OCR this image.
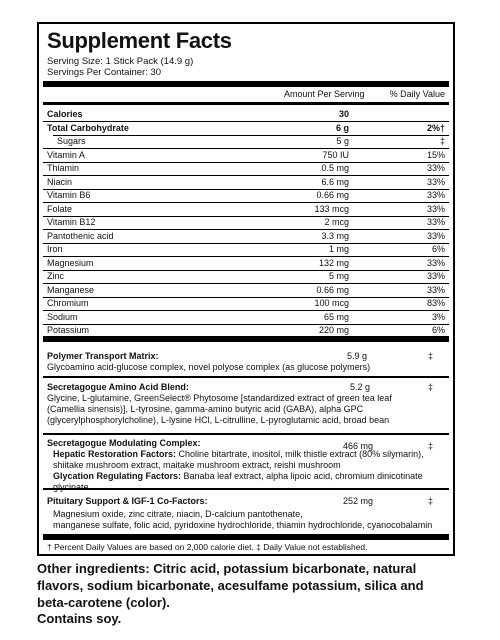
Supplement Facts
Serving Size: 1 Stick Pack (14.9 g)
Servings Per Container: 30
Amount Per Serving	% Daily Value
Calories	30
Total Carbohydrate	6 g	2%†
Sugars	5 g	‡
Vitamin A	750 IU	15%
Thiamin	0.5 mg	33%
Niacin	6.6 mg	33%
Vitamin B6	0.66 mg	33%
Folate	133 mcg	33%
Vitamin B12	2 mcg	33%
Pantothenic acid	3.3 mg	33%
Iron	1 mg	6%
Magnesium	132 mg	33%
Zinc	5 mg	33%
Manganese	0.66 mg	33%
Chromium	100 mcg	83%
Sodium	65 mg	3%
Potassium	220 mg	6%
Polymer Transport Matrix:	5.9 g	‡
Glycoamino acid-glucose complex, novel polyose complex (as glucose polymers)
Secretagogue Amino Acid Blend:	5.2 g	‡
Glycine, L-glutamine, GreenSelect® Phytosome [standardized extract of green tea leaf
(Camellia sinensis)], L-tyrosine, gamma-amino butyric acid (GABA), alpha GPC
(glycerylphosphorylcholine), L-lysine HCl, L-citrulline, L-pyroglutamic acid, broad bean
Secretagogue Modulating Complex:	466 mg	‡
Hepatic Restoration Factors: Choline bitartrate, inositol, milk thistle extract (80% silymarin),
shiitake mushroom extract, maitake mushroom extract, reishi mushroom
Glycation Regulating Factors: Banaba leaf extract, alpha lipoic acid, chromium dinicotinate glycinate
Pituitary Support & IGF-1 Co-Factors:	252 mg	‡
Magnesium oxide, zinc citrate, niacin, D-calcium pantothenate,
manganese sulfate, folic acid, pyridoxine hydrochloride, thiamin hydrochloride, cyanocobalamin
† Percent Daily Values are based on 2,000 calorie diet. ‡ Daily Value not established.
Other ingredients: Citric acid, potassium bicarbonate, natural flavors, sodium bicarbonate, acesulfame potassium, silica and beta-carotene (color).
Contains soy.
